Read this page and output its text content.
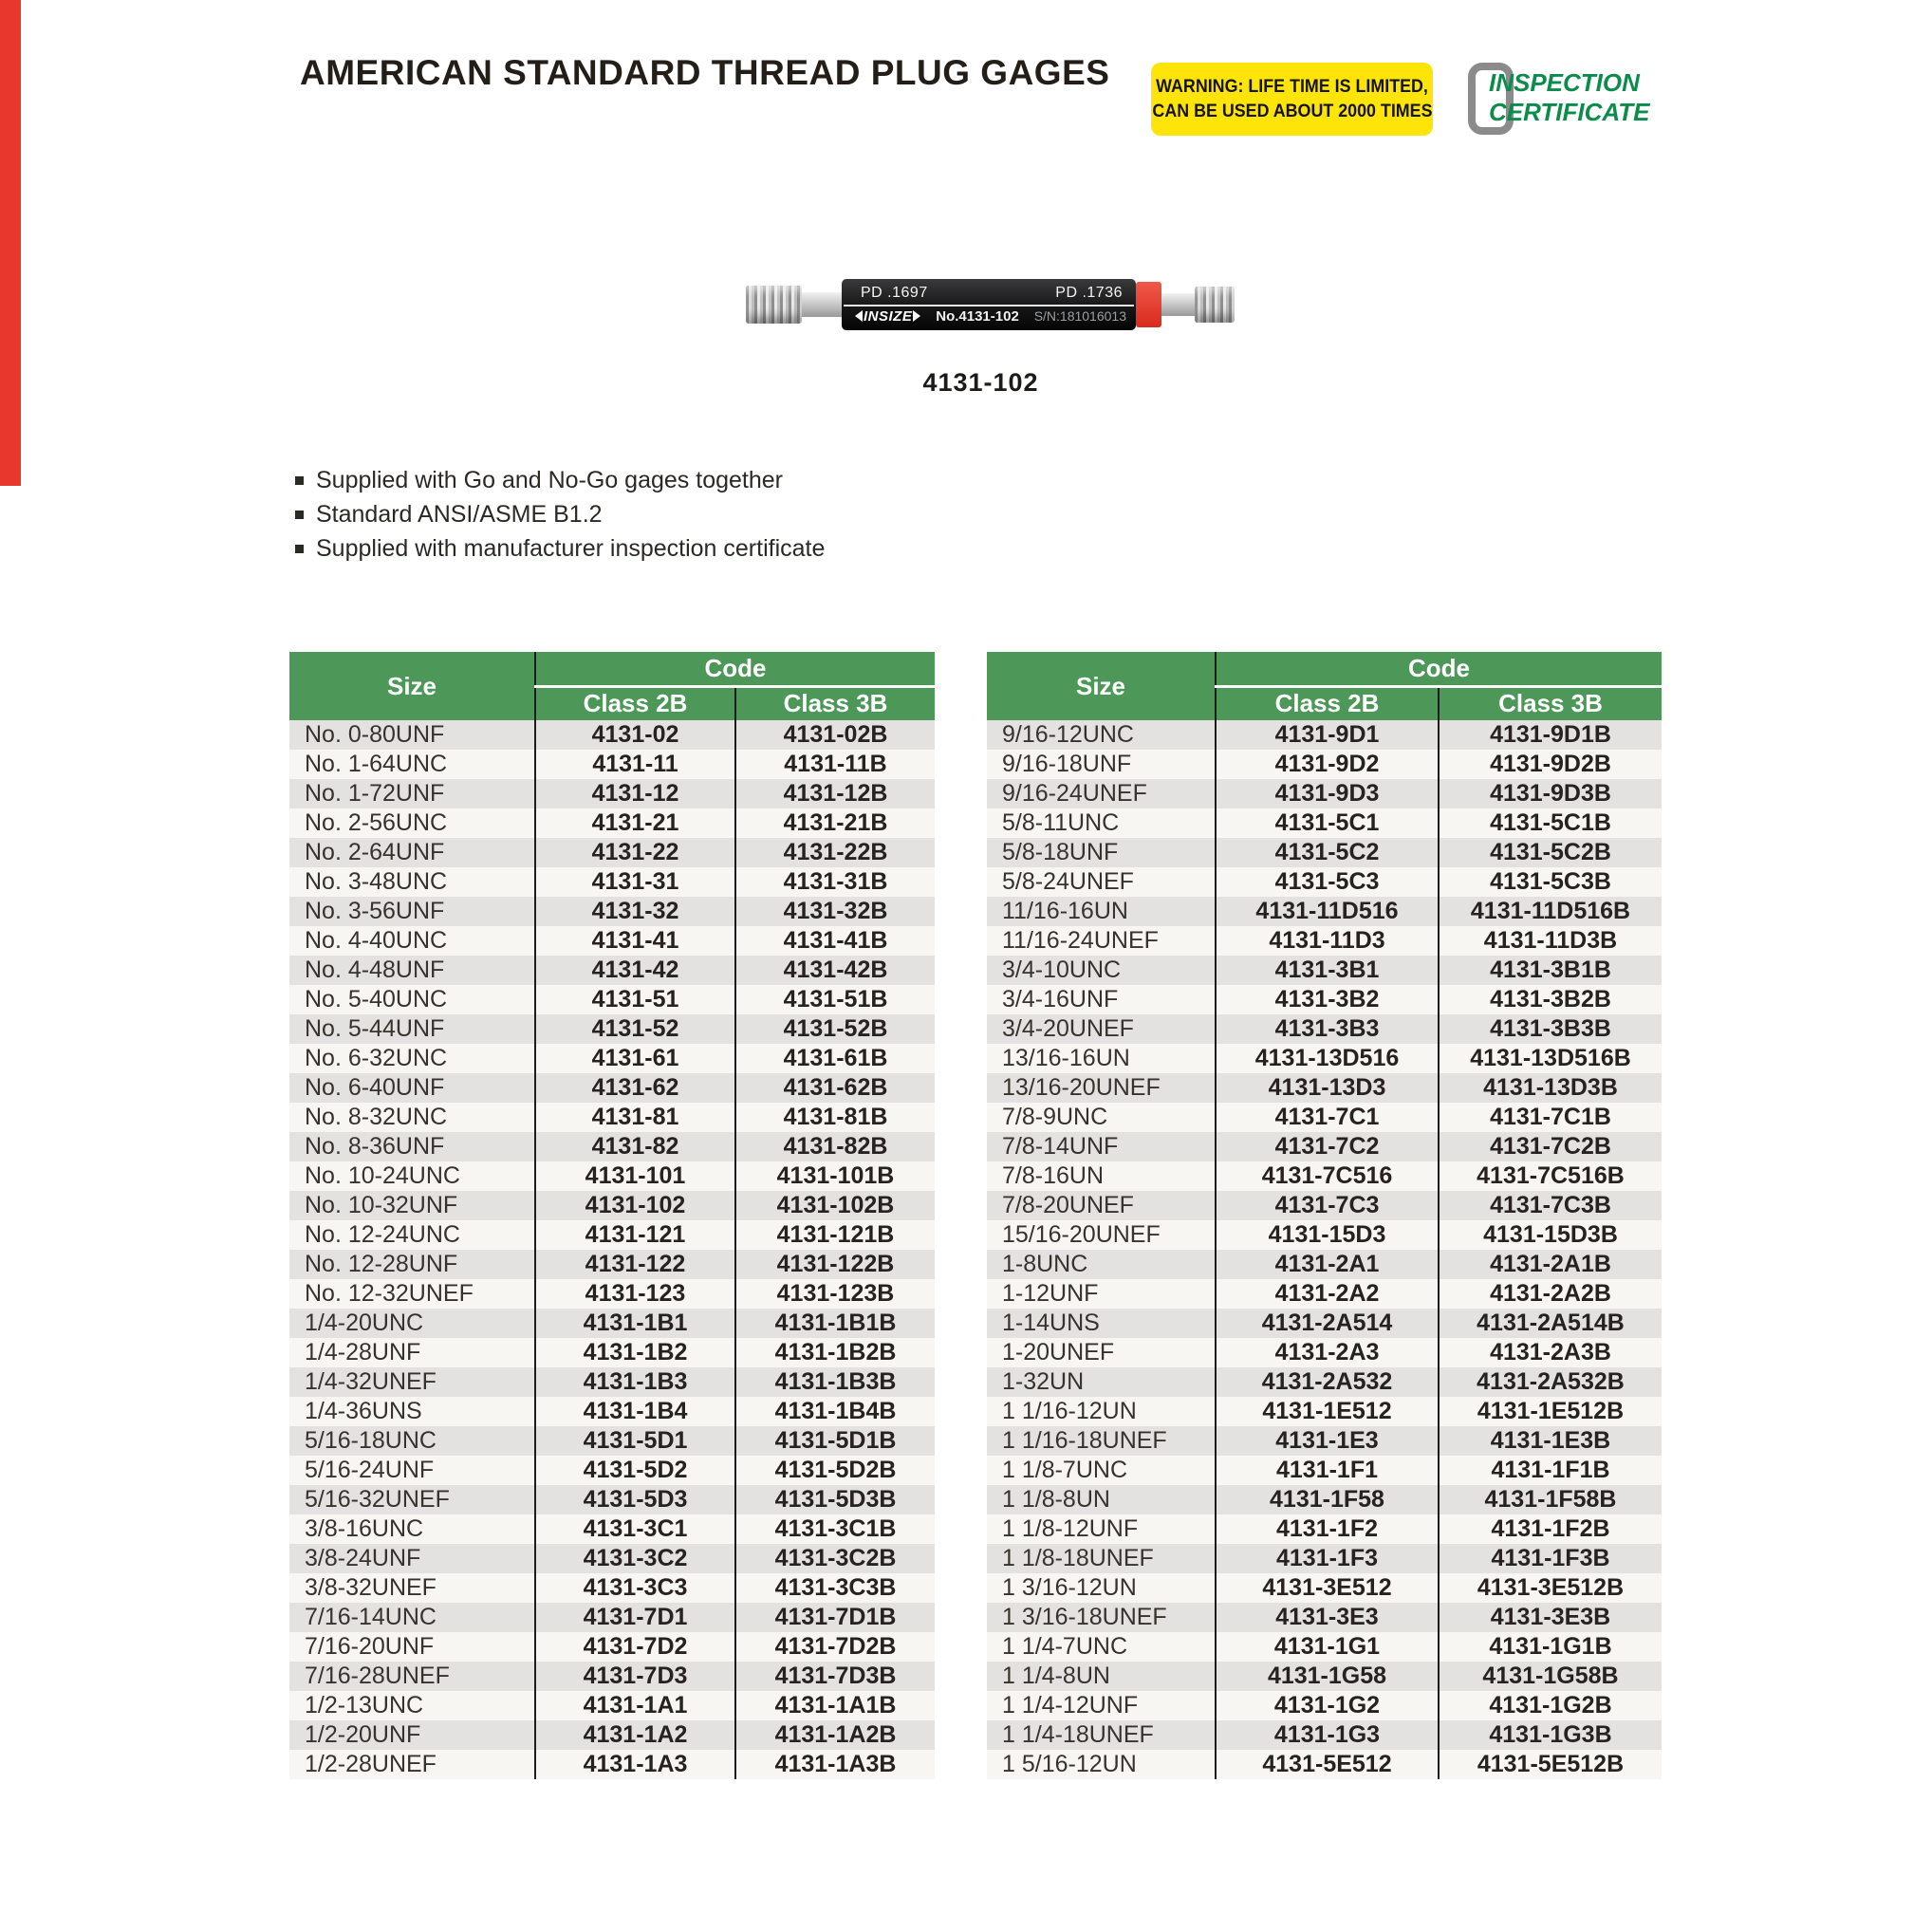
AMERICAN STANDARD THREAD PLUG GAGES	WARNING: LIFE TIME IS LIMITED,
CAN BE USED ABOUT 2000 TIMES
INSPECTION
CERTIFICATE
PD .1697	PD .1736
INSIZE No.4131-102 S/N:181016013
4131-102
Supplied with Go and No-Go gages together
Standard ANSI/ASME B1.2
Supplied with manufacturer inspection certificate
Size	Code	
	Class 2B	Class 3B
No. 0-80UNF	4131-02	4131-02B
No. 1-64UNC	4131-11	4131-11B
No. 1-72UNF	4131-12	4131-12B
No. 2-56UNC	4131-21	4131-21B
No. 2-64UNF	4131-22	4131-22B
No. 3-48UNC	4131-31	4131-31B
No. 3-56UNF	4131-32	4131-32B
No. 4-40UNC	4131-41	4131-41B
No. 4-48UNF	4131-42	4131-42B
No. 5-40UNC	4131-51	4131-51B
No. 5-44UNF	4131-52	4131-52B
No. 6-32UNC	4131-61	4131-61B
No. 6-40UNF	4131-62	4131-62B
No. 8-32UNC	4131-81	4131-81B
No. 8-36UNF	4131-82	4131-82B
No. 10-24UNC	4131-101	4131-101B
No. 10-32UNF	4131-102	4131-102B
No. 12-24UNC	4131-121	4131-121B
No. 12-28UNF	4131-122	4131-122B
No. 12-32UNEF	4131-123	4131-123B
1/4-20UNC	4131-1B1	4131-1B1B
1/4-28UNF	4131-1B2	4131-1B2B
1/4-32UNEF	4131-1B3	4131-1B3B
1/4-36UNS	4131-1B4	4131-1B4B
5/16-18UNC	4131-5D1	4131-5D1B
5/16-24UNF	4131-5D2	4131-5D2B
5/16-32UNEF	4131-5D3	4131-5D3B
3/8-16UNC	4131-3C1	4131-3C1B
3/8-24UNF	4131-3C2	4131-3C2B
3/8-32UNEF	4131-3C3	4131-3C3B
7/16-14UNC	4131-7D1	4131-7D1B
7/16-20UNF	4131-7D2	4131-7D2B
7/16-28UNEF	4131-7D3	4131-7D3B
1/2-13UNC	4131-1A1	4131-1A1B
1/2-20UNF	4131-1A2	4131-1A2B
1/2-28UNEF	4131-1A3	4131-1A3B
Size	Code	
	Class 2B	Class 3B
9/16-12UNC	4131-9D1	4131-9D1B
9/16-18UNF	4131-9D2	4131-9D2B
9/16-24UNEF	4131-9D3	4131-9D3B
5/8-11UNC	4131-5C1	4131-5C1B
5/8-18UNF	4131-5C2	4131-5C2B
5/8-24UNEF	4131-5C3	4131-5C3B
11/16-16UN	4131-11D516	4131-11D516B
11/16-24UNEF	4131-11D3	4131-11D3B
3/4-10UNC	4131-3B1	4131-3B1B
3/4-16UNF	4131-3B2	4131-3B2B
3/4-20UNEF	4131-3B3	4131-3B3B
13/16-16UN	4131-13D516	4131-13D516B
13/16-20UNEF	4131-13D3	4131-13D3B
7/8-9UNC	4131-7C1	4131-7C1B
7/8-14UNF	4131-7C2	4131-7C2B
7/8-16UN	4131-7C516	4131-7C516B
7/8-20UNEF	4131-7C3	4131-7C3B
15/16-20UNEF	4131-15D3	4131-15D3B
1-8UNC	4131-2A1	4131-2A1B
1-12UNF	4131-2A2	4131-2A2B
1-14UNS	4131-2A514	4131-2A514B
1-20UNEF	4131-2A3	4131-2A3B
1-32UN	4131-2A532	4131-2A532B
1 1/16-12UN	4131-1E512	4131-1E512B
1 1/16-18UNEF	4131-1E3	4131-1E3B
1 1/8-7UNC	4131-1F1	4131-1F1B
1 1/8-8UN	4131-1F58	4131-1F58B
1 1/8-12UNF	4131-1F2	4131-1F2B
1 1/8-18UNEF	4131-1F3	4131-1F3B
1 3/16-12UN	4131-3E512	4131-3E512B
1 3/16-18UNEF	4131-3E3	4131-3E3B
1 1/4-7UNC	4131-1G1	4131-1G1B
1 1/4-8UN	4131-1G58	4131-1G58B
1 1/4-12UNF	4131-1G2	4131-1G2B
1 1/4-18UNEF	4131-1G3	4131-1G3B
1 5/16-12UN	4131-5E512	4131-5E512B
